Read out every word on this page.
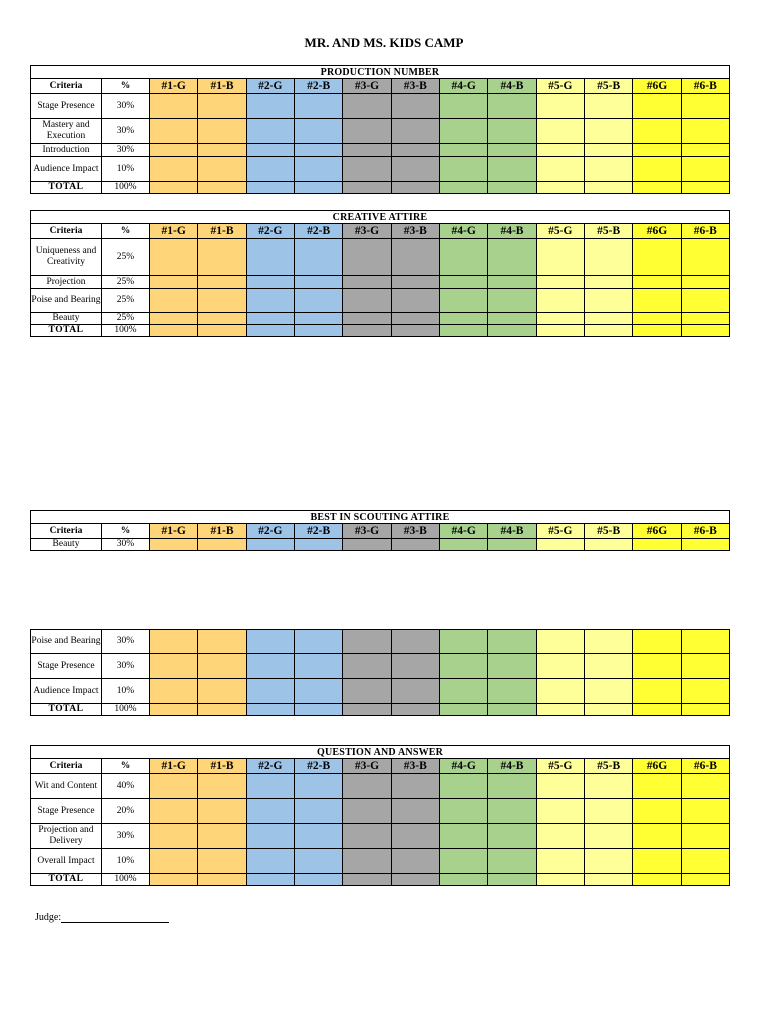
MR. AND MS. KIDS CAMP
PRODUCTION NUMBER													
Criteria	%	#1-G	#1-B	#2-G	#2-B	#3-G	#3-B	#4-G	#4-B	#5-G	#5-B	#6G	#6-B
Stage Presence	30%												
Mastery and Execution	30%												
Introduction	30%												
Audience Impact	10%												
TOTAL	100%												
CREATIVE ATTIRE													
Criteria	%	#1-G	#1-B	#2-G	#2-B	#3-G	#3-B	#4-G	#4-B	#5-G	#5-B	#6G	#6-B
Uniqueness and Creativity	25%												
Projection	25%												
Poise and Bearing	25%												
Beauty	25%												
TOTAL	100%												
BEST IN SCOUTING ATTIRE													
Criteria	%	#1-G	#1-B	#2-G	#2-B	#3-G	#3-B	#4-G	#4-B	#5-G	#5-B	#6G	#6-B
Beauty	30%												
Poise and Bearing	30%												
Stage Presence	30%												
Audience Impact	10%												
TOTAL	100%												
QUESTION AND ANSWER													
Criteria	%	#1-G	#1-B	#2-G	#2-B	#3-G	#3-B	#4-G	#4-B	#5-G	#5-B	#6G	#6-B
Wit and Content	40%												
Stage Presence	20%												
Projection and Delivery	30%												
Overall Impact	10%												
TOTAL	100%												
Judge:
